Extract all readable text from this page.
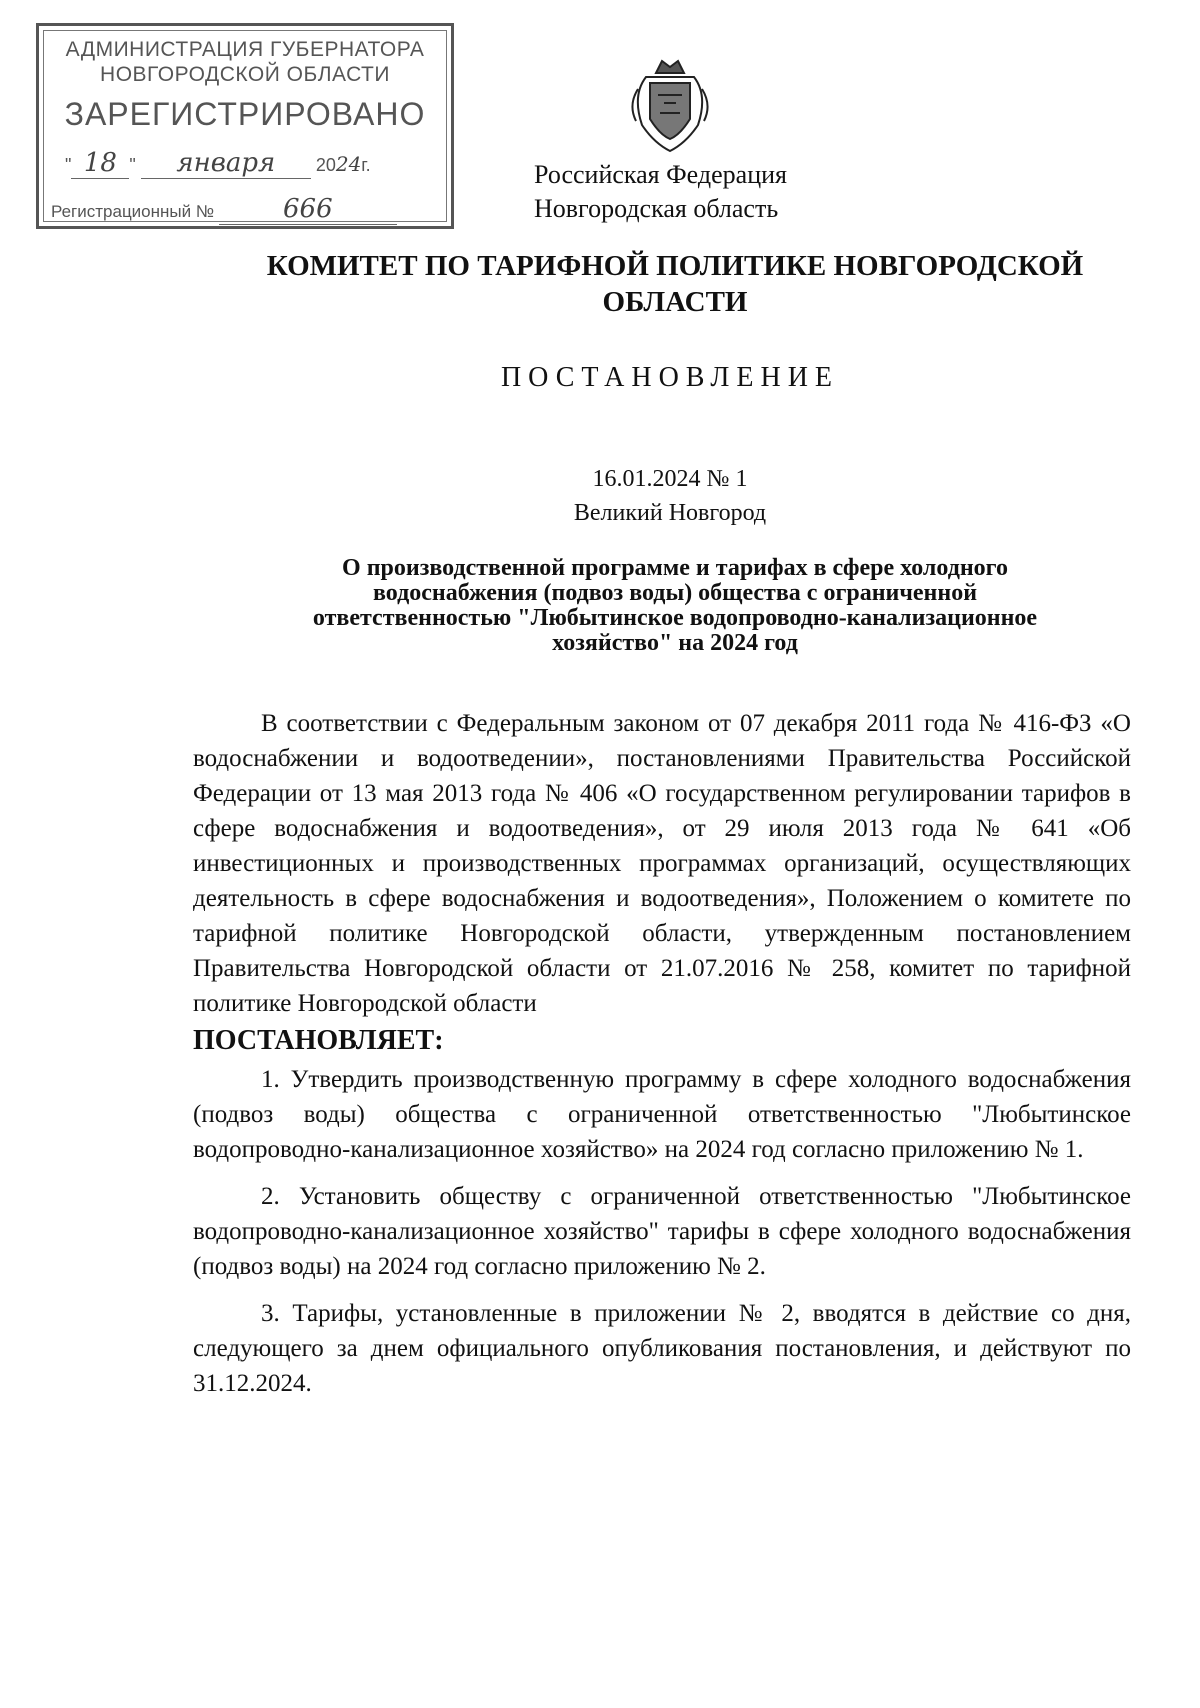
АДМИНИСТРАЦИЯ ГУБЕРНАТОРА
НОВГОРОДСКОЙ ОБЛАСТИ
ЗАРЕГИСТРИРОВАНО
" 18 " января 2024г.
Регистрационный №	666
Российская Федерация
Новгородская область
КОМИТЕТ ПО ТАРИФНОЙ ПОЛИТИКЕ НОВГОРОДСКОЙ
ОБЛАСТИ
ПОСТАНОВЛЕНИЕ
16.01.2024 № 1
Великий Новгород
О производственной программе и тарифах в сфере холодного
водоснабжения (подвоз воды) общества с ограниченной
ответственностью "Любытинское водопроводно-канализационное
хозяйство" на 2024 год

В соответствии с Федеральным законом от 07 декабря 2011 года № 416-ФЗ «О водоснабжении и водоотведении», постановлениями Правительства Российской Федерации от 13 мая 2013 года № 406 «О государственном регулировании тарифов в сфере водоснабжения и водоотведения», от 29 июля 2013 года № 641 «Об инвестиционных и производственных программах организаций, осуществляющих деятельность в сфере водоснабжения и водоотведения», Положением о комитете по тарифной политике Новгородской области, утвержденным постановлением Правительства Новгородской области от 21.07.2016 № 258, комитет по тарифной политике Новгородской области

ПОСТАНОВЛЯЕТ:

1. Утвердить производственную программу в сфере холодного водоснабжения (подвоз воды) общества с ограниченной ответственностью "Любытинское водопроводно-канализационное хозяйство» на 2024 год согласно приложению № 1.

2. Установить обществу с ограниченной ответственностью "Любытинское водопроводно-канализационное хозяйство" тарифы в сфере холодного водоснабжения (подвоз воды) на 2024 год согласно приложению № 2.

3. Тарифы, установленные в приложении № 2, вводятся в действие со дня, следующего за днем официального опубликования постановления, и действуют по 31.12.2024.
